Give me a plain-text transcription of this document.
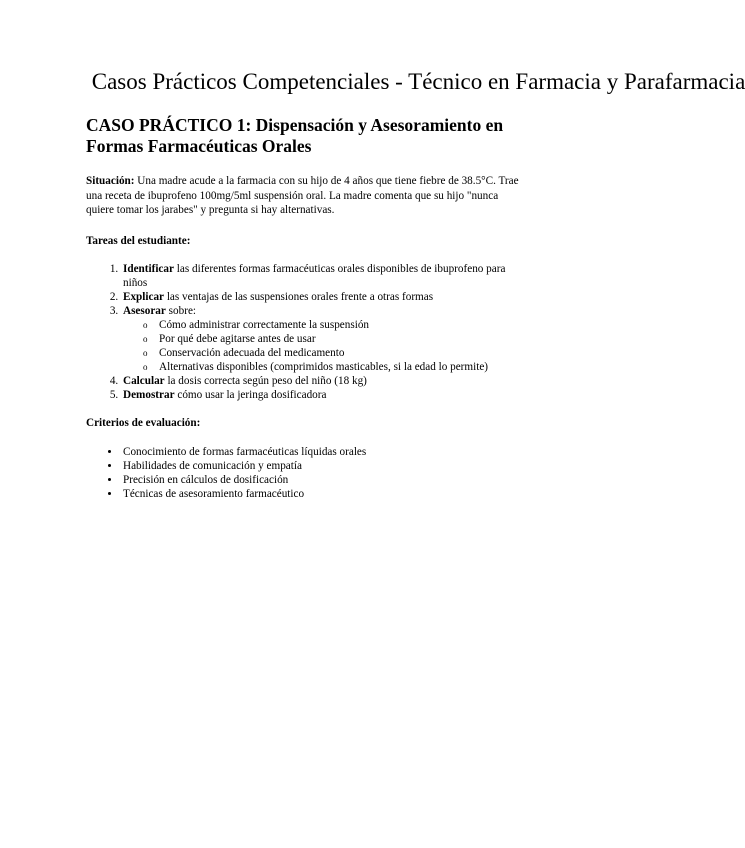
Casos Prácticos Competenciales - Técnico en Farmacia y Parafarmacia
CASO PRÁCTICO 1: Dispensación y Asesoramiento en Formas Farmacéuticas Orales

Situación: Una madre acude a la farmacia con su hijo de 4 años que tiene fiebre de 38.5°C. Trae una receta de ibuprofeno 100mg/5ml suspensión oral. La madre comenta que su hijo "nunca quiere tomar los jarabes" y pregunta si hay alternativas.

Tareas del estudiante:

1. Identificar las diferentes formas farmacéuticas orales disponibles de ibuprofeno para niños
2. Explicar las ventajas de las suspensiones orales frente a otras formas
3. Asesorar sobre:
o Cómo administrar correctamente la suspensión
o Por qué debe agitarse antes de usar
o Conservación adecuada del medicamento
o Alternativas disponibles (comprimidos masticables, si la edad lo permite)
4. Calcular la dosis correcta según peso del niño (18 kg)
5. Demostrar cómo usar la jeringa dosificadora

Criterios de evaluación:

• Conocimiento de formas farmacéuticas líquidas orales
• Habilidades de comunicación y empatía
• Precisión en cálculos de dosificación
• Técnicas de asesoramiento farmacéutico
